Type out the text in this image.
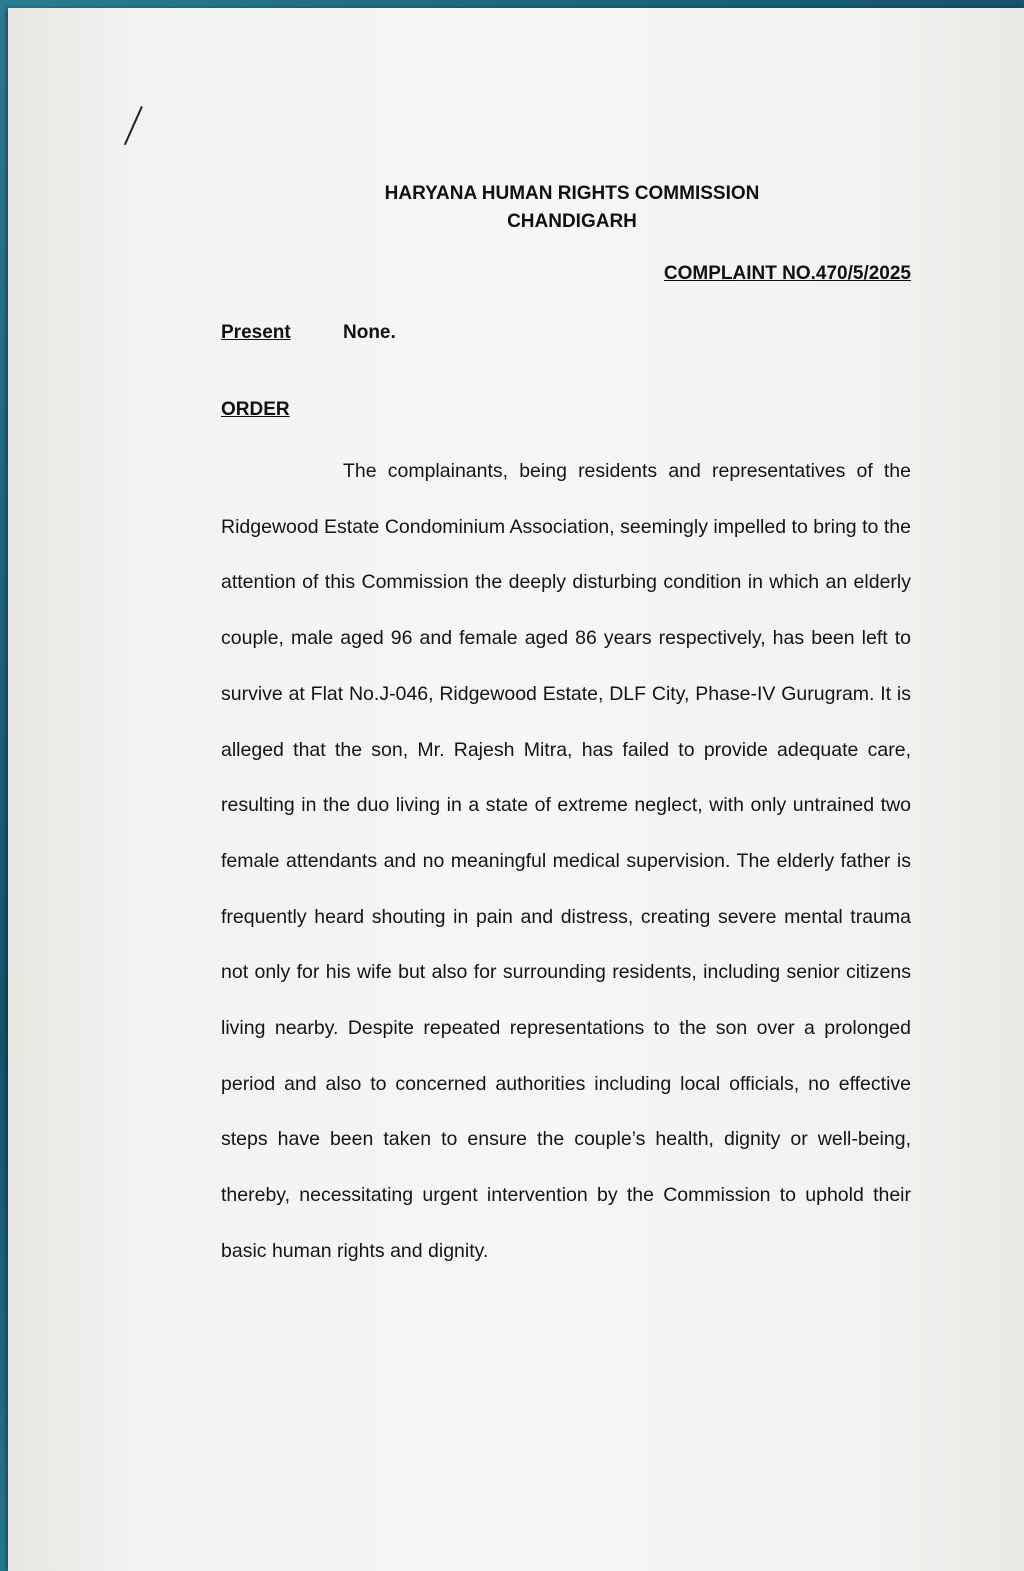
HARYANA HUMAN RIGHTS COMMISSION
CHANDIGARH
COMPLAINT NO.470/5/2025
Present	None.
ORDER
The complainants, being residents and representatives of the Ridgewood Estate Condominium Association, seemingly impelled to bring to the attention of this Commission the deeply disturbing condition in which an elderly couple, male aged 96 and female aged 86 years respectively, has been left to survive at Flat No.J-046, Ridgewood Estate, DLF City, Phase-IV Gurugram. It is alleged that the son, Mr. Rajesh Mitra, has failed to provide adequate care, resulting in the duo living in a state of extreme neglect, with only untrained two female attendants and no meaningful medical supervision. The elderly father is frequently heard shouting in pain and distress, creating severe mental trauma not only for his wife but also for surrounding residents, including senior citizens living nearby. Despite repeated representations to the son over a prolonged period and also to concerned authorities including local officials, no effective steps have been taken to ensure the couple’s health, dignity or well-being, thereby, necessitating urgent intervention by the Commission to uphold their basic human rights and dignity.
